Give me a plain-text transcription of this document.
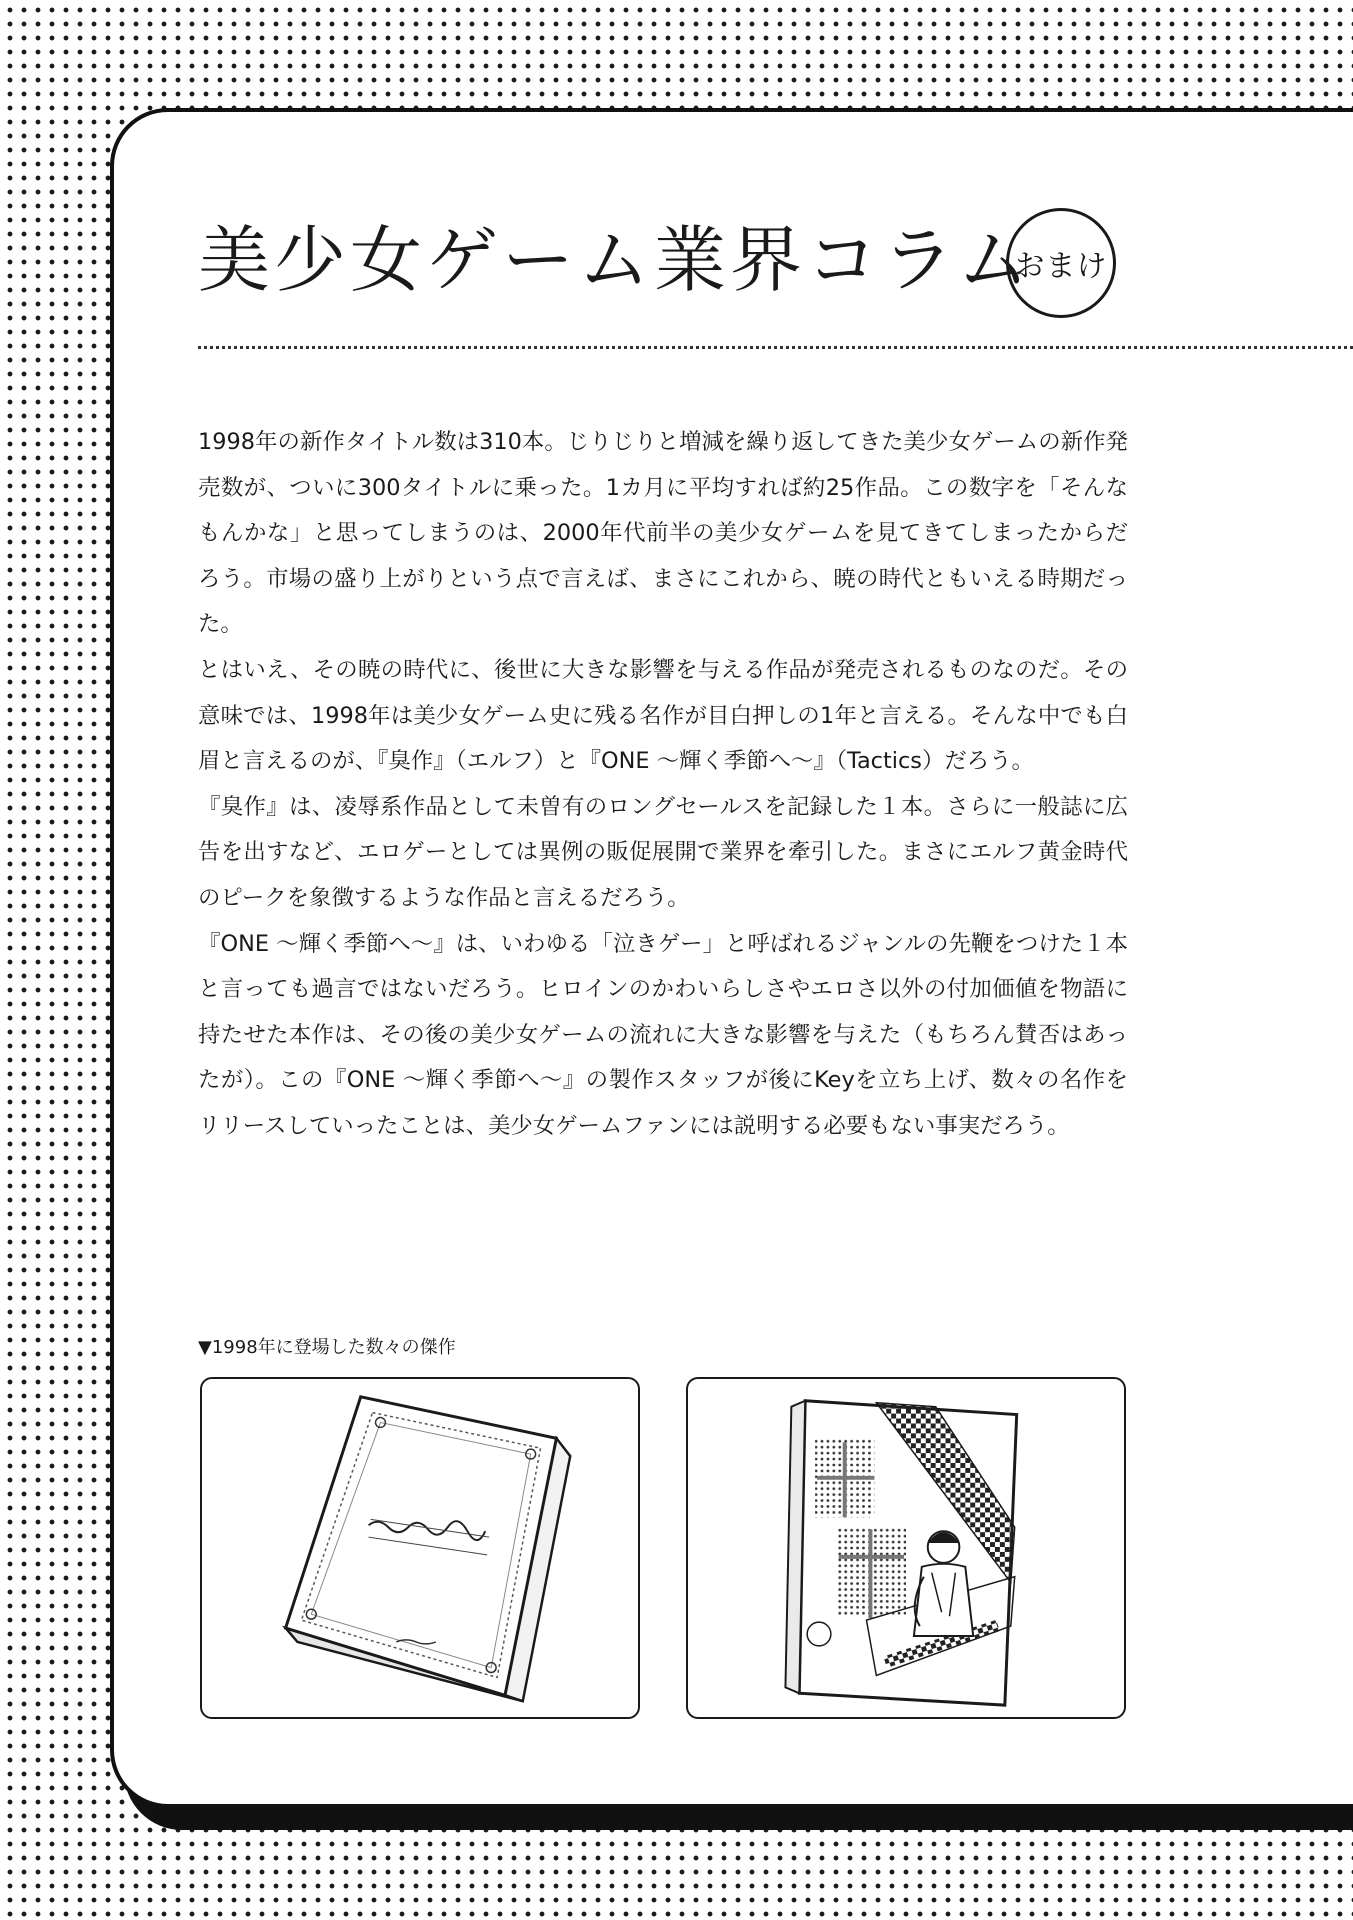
美少女ゲーム業界コラム
おまけ

1998年の新作タイトル数は310本。じりじりと増減を繰り返してきた美少女ゲームの新作発売数が、ついに300タイトルに乗った。1カ月に平均すれば約25作品。この数字を「そんなもんかな」と思ってしまうのは、2000年代前半の美少女ゲームを見てきてしまったからだろう。市場の盛り上がりという点で言えば、まさにこれから、暁の時代ともいえる時期だった。

とはいえ、その暁の時代に、後世に大きな影響を与える作品が発売されるものなのだ。その意味では、1998年は美少女ゲーム史に残る名作が目白押しの1年と言える。そんな中でも白眉と言えるのが、『臭作』（エルフ）と『ONE ～輝く季節へ～』（Tactics）だろう。

『臭作』は、凌辱系作品として未曽有のロングセールスを記録した１本。さらに一般誌に広告を出すなど、エロゲーとしては異例の販促展開で業界を牽引した。まさにエルフ黄金時代のピークを象徴するような作品と言えるだろう。

『ONE ～輝く季節へ～』は、いわゆる「泣きゲー」と呼ばれるジャンルの先鞭をつけた１本と言っても過言ではないだろう。ヒロインのかわいらしさやエロさ以外の付加価値を物語に持たせた本作は、その後の美少女ゲームの流れに大きな影響を与えた（もちろん賛否はあったが）。この『ONE ～輝く季節へ～』の製作スタッフが後にKeyを立ち上げ、数々の名作をリリースしていったことは、美少女ゲームファンには説明する必要もない事実だろう。

▼1998年に登場した数々の傑作
